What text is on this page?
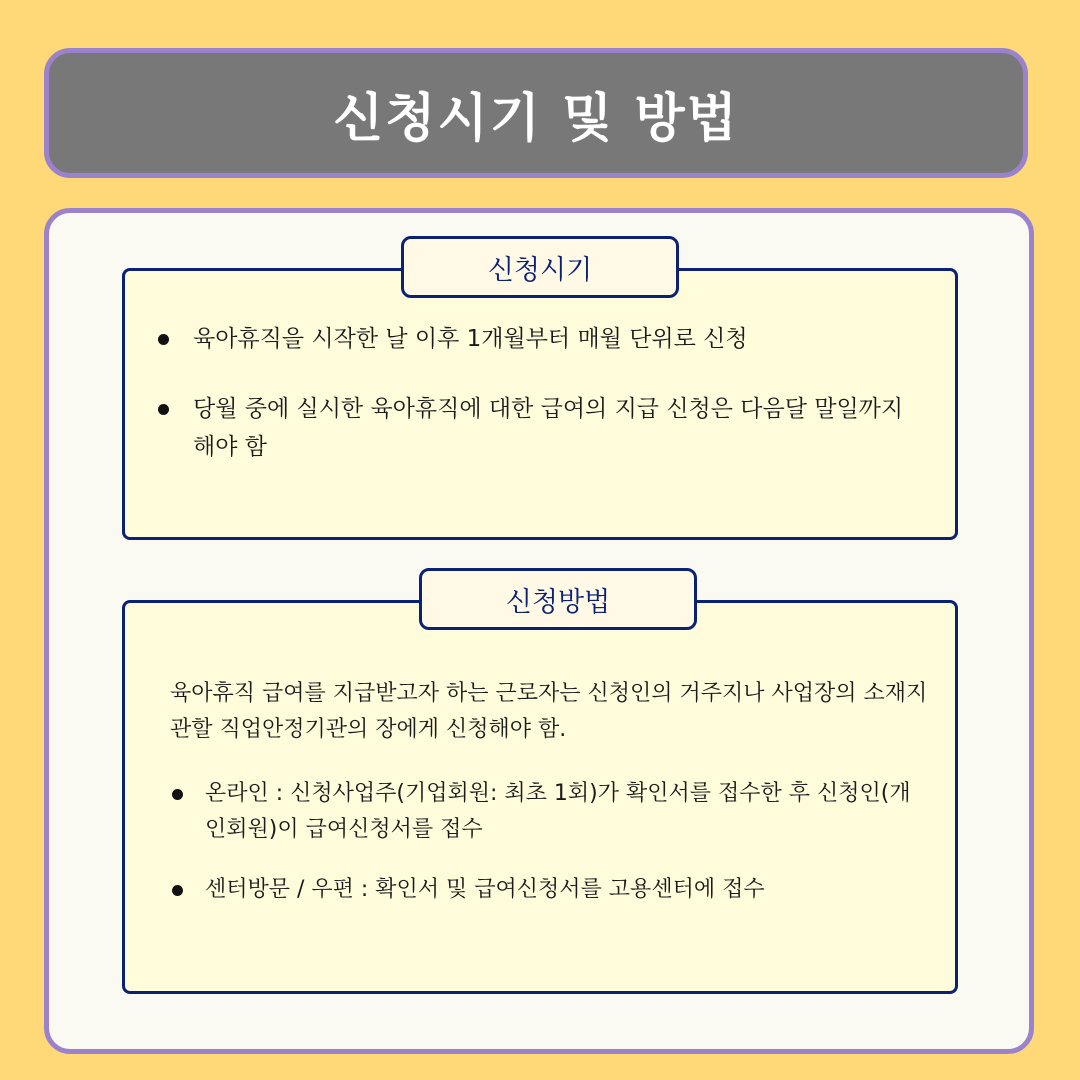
신청시기 및 방법
신청시기
육아휴직을 시작한 날 이후 1개월부터 매월 단위로 신청
당월 중에 실시한 육아휴직에 대한 급여의 지급 신청은 다음달 말일까지 해야 함
신청방법
육아휴직 급여를 지급받고자 하는 근로자는 신청인의 거주지나 사업장의 소재지 관할 직업안정기관의 장에게 신청해야 함.
온라인 : 신청사업주(기업회원: 최초 1회)가 확인서를 접수한 후 신청인(개인회원)이 급여신청서를 접수
센터방문 / 우편 : 확인서 및 급여신청서를 고용센터에 접수
